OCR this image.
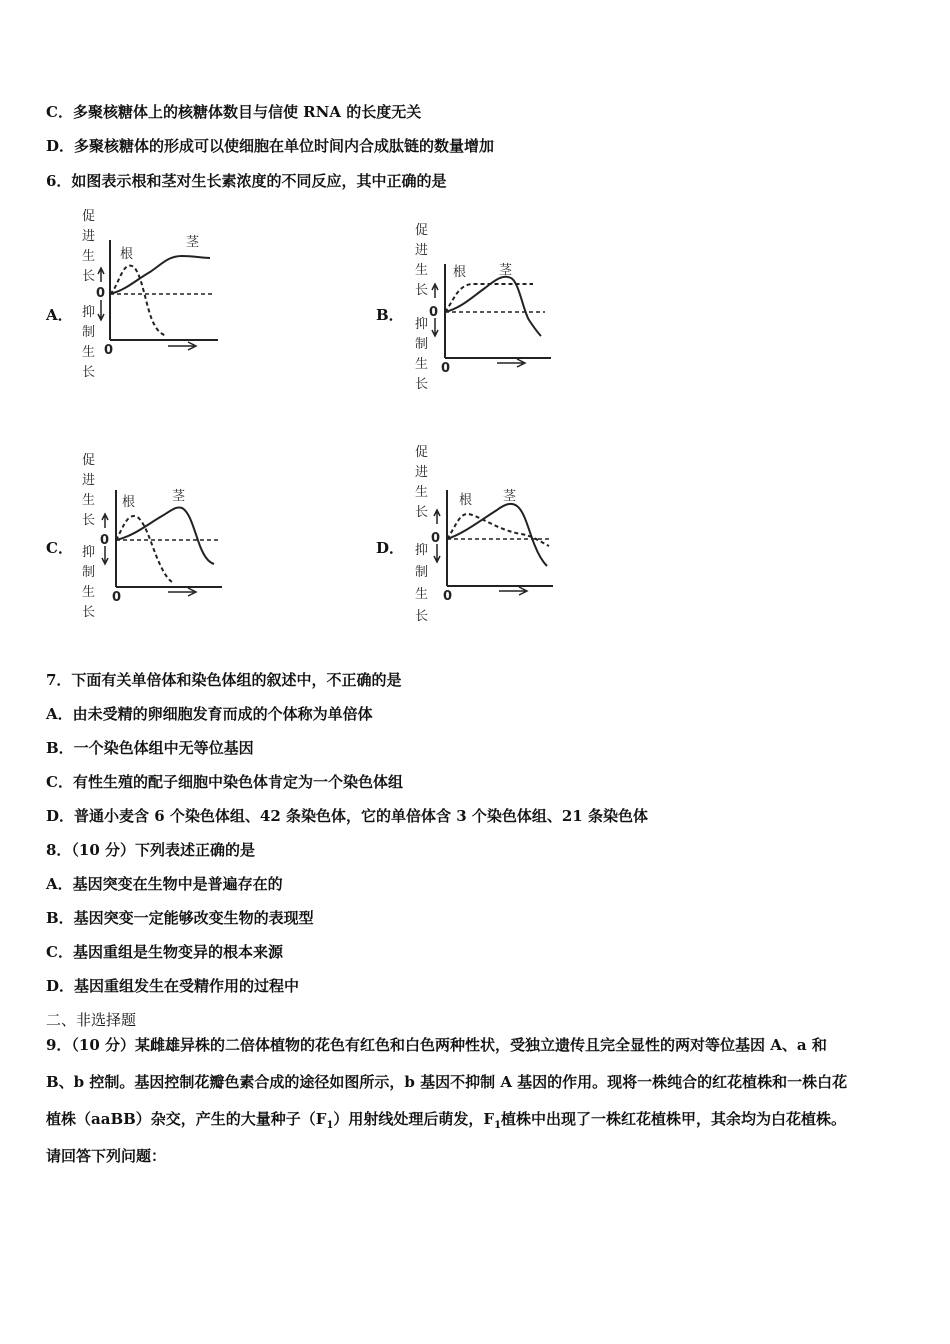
C．多聚核糖体上的核糖体数目与信使 RNA 的长度无关
D．多聚核糖体的形成可以使细胞在单位时间内合成肽链的数量增加
6．如图表示根和茎对生长素浓度的不同反应，其中正确的是
A．
促
进
生
长
抑
制
生
长
0
0
根
茎
B．
促
进
生
长
抑
制
生
长
0
0
根	茎
C．
促
进
生
长
抑
制
生
长
0
0
根	茎
D．
促
进
生
长
抑
制
生
长
0
0
根 茎
7．下面有关单倍体和染色体组的叙述中，不正确的是
A．由未受精的卵细胞发育而成的个体称为单倍体
B．一个染色体组中无等位基因
C．有性生殖的配子细胞中染色体肯定为一个染色体组
D．普通小麦含 6 个染色体组、42 条染色体，它的单倍体含 3 个染色体组、21 条染色体
8．（10 分）下列表述正确的是
A．基因突变在生物中是普遍存在的
B．基因突变一定能够改变生物的表现型
C．基因重组是生物变异的根本来源
D．基因重组发生在受精作用的过程中
二、非选择题
9．（10 分）某雌雄异株的二倍体植物的花色有红色和白色两种性状，受独立遗传且完全显性的两对等位基因 A、a 和
B、b 控制。基因控制花瓣色素合成的途径如图所示，b 基因不抑制 A 基因的作用。现将一株纯合的红花植株和一株白花
植株（aaBB）杂交，产生的大量种子$(F_1)$用射线处理后萌发，$F_1$植株中出现了一株红花植株甲，其余均为白花植株。
请回答下列问题：
